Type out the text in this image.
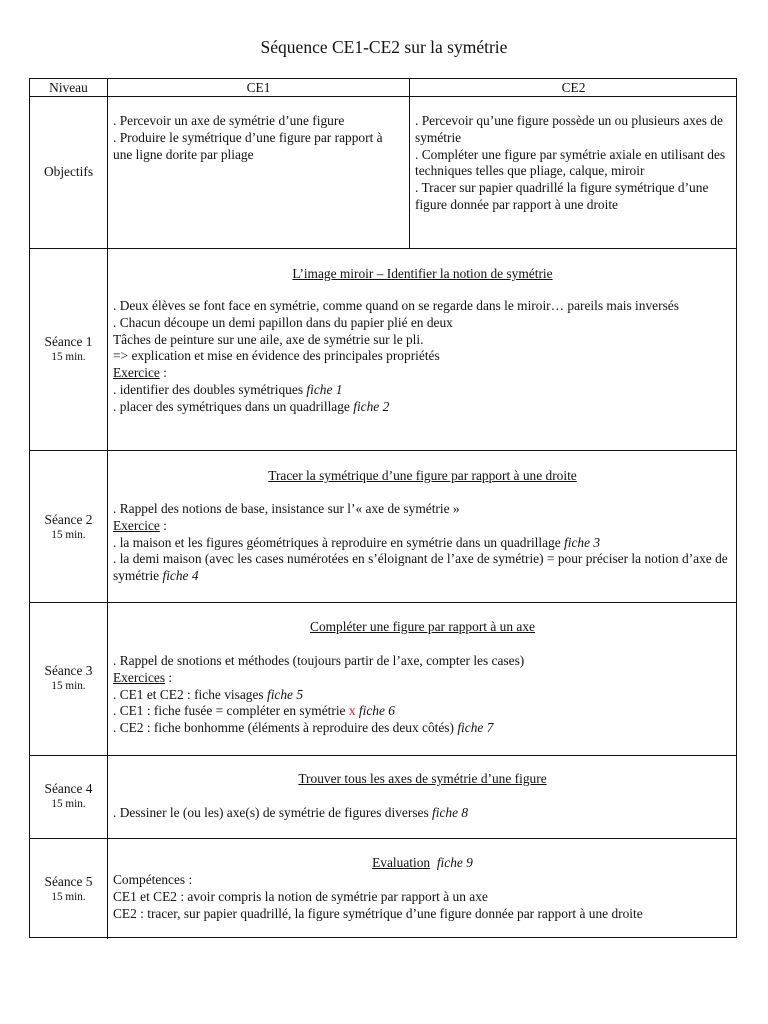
Séquence CE1-CE2 sur la symétrie
Niveau	CE1	CE2
Objectifs

. Percevoir un axe de symétrie d’une figure

. Produire le symétrique d’une figure par rapport à une ligne dorite par pliage

. Percevoir qu’une figure possède un ou plusieurs axes de symétrie

. Compléter une figure par symétrie axiale en utilisant des techniques telles que pliage, calque, miroir

. Tracer sur papier quadrillé la figure symétrique d’une figure donnée par rapport à une droite

Séance 1
15 min.
L’image miroir – Identifier la notion de symétrie

. Deux élèves se font face en symétrie, comme quand on se regarde dans le miroir… pareils mais inversés

. Chacun découpe un demi papillon dans du papier plié en deux

Tâches de peinture sur une aile, axe de symétrie sur le pli.

=> explication et mise en évidence des principales propriétés

Exercice :

. identifier des doubles symétriques fiche 1

. placer des symétriques dans un quadrillage fiche 2

Séance 2
15 min.
Tracer la symétrique d’une figure par rapport à une droite

. Rappel des notions de base, insistance sur l’« axe de symétrie »

Exercice :

. la maison et les figures géométriques à reproduire en symétrie dans un quadrillage fiche 3

. la demi maison (avec les cases numérotées en s’éloignant de l’axe de symétrie) = pour préciser la notion d’axe de symétrie fiche 4

Séance 3
15 min.
Compléter une figure par rapport à un axe

. Rappel de snotions et méthodes (toujours partir de l’axe, compter les cases)

Exercices :

. CE1 et CE2 : fiche visages fiche 5

. CE1 : fiche fusée = compléter en symétrie x fiche 6

. CE2 : fiche bonhomme (éléments à reproduire des deux côtés) fiche 7

Séance 4
15 min.
Trouver tous les axes de symétrie d’une figure

. Dessiner le (ou les) axe(s) de symétrie de figures diverses fiche 8

Séance 5
15 min.
Evaluation fiche 9

Compétences :

CE1 et CE2 : avoir compris la notion de symétrie par rapport à un axe

CE2 : tracer, sur papier quadrillé, la figure symétrique d’une figure donnée par rapport à une droite
